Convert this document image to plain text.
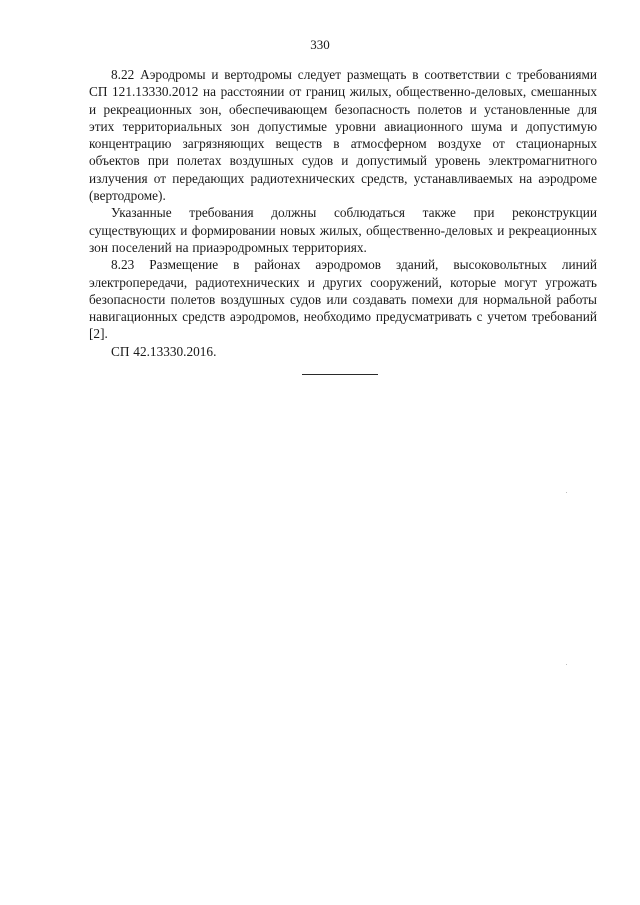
330

8.22 Аэродромы и вертодромы следует размещать в соответствии с требованиями СП 121.13330.2012 на расстоянии от границ жилых, общественно-деловых, смешанных и рекреационных зон, обеспечивающем безопасность полетов и установленные для этих территориальных зон допустимые уровни авиационного шума и допустимую концентрацию загрязняющих веществ в атмосферном воздухе от стационарных объектов при полетах воздушных судов и допустимый уровень электромагнитного излучения от передающих радиотехнических средств, устанавливаемых на аэродроме (вертодроме).

Указанные требования должны соблюдаться также при реконструкции существующих и формировании новых жилых, общественно-деловых и рекреационных зон поселений на приаэродромных территориях.

8.23 Размещение в районах аэродромов зданий, высоковольтных линий электропередачи, радиотехнических и других сооружений, которые могут угрожать безопасности полетов воздушных судов или создавать помехи для нормальной работы навигационных средств аэродромов, необходимо предусматривать с учетом требований [2].

СП 42.13330.2016.
